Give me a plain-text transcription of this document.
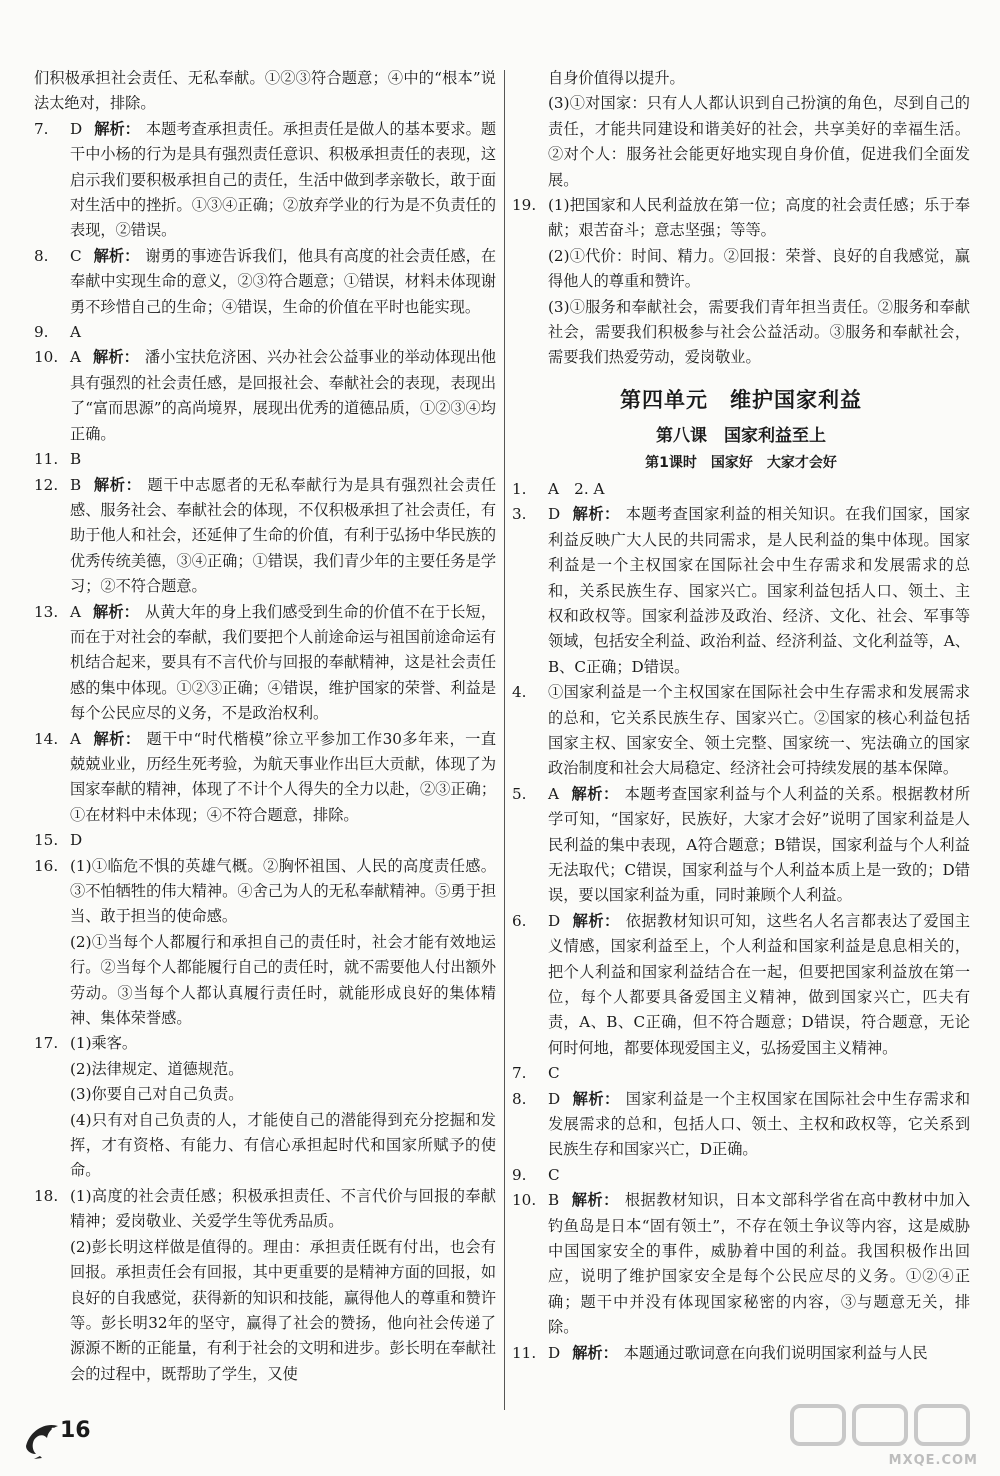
们积极承担社会责任、无私奉献。①②③符合题意；④中的“根本”说法太绝对，排除。

7. D 解析： 本题考查承担责任。承担责任是做人的基本要求。题干中小杨的行为是具有强烈责任意识、积极承担责任的表现，这启示我们要积极承担自己的责任，生活中做到孝亲敬长，敢于面对生活中的挫折。①③④正确；②放弃学业的行为是不负责任的表现，②错误。

8. C 解析： 谢勇的事迹告诉我们，他具有高度的社会责任感，在奉献中实现生命的意义，②③符合题意；①错误，材料未体现谢勇不珍惜自己的生命；④错误，生命的价值在平时也能实现。

9. A

10. A 解析： 潘小宝扶危济困、兴办社会公益事业的举动体现出他具有强烈的社会责任感，是回报社会、奉献社会的表现，表现出了“富而思源”的高尚境界，展现出优秀的道德品质，①②③④均正确。

11. B

12. B 解析： 题干中志愿者的无私奉献行为是具有强烈社会责任感、服务社会、奉献社会的体现，不仅积极承担了社会责任，有助于他人和社会，还延伸了生命的价值，有利于弘扬中华民族的优秀传统美德，③④正确；①错误，我们青少年的主要任务是学习；②不符合题意。

13. A 解析： 从黄大年的身上我们感受到生命的价值不在于长短，而在于对社会的奉献，我们要把个人前途命运与祖国前途命运有机结合起来，要具有不言代价与回报的奉献精神，这是社会责任感的集中体现。①②③正确；④错误，维护国家的荣誉、利益是每个公民应尽的义务，不是政治权利。

14. A 解析： 题干中“时代楷模”徐立平参加工作30多年来，一直兢兢业业，历经生死考验，为航天事业作出巨大贡献，体现了为国家奉献的精神，体现了不计个人得失的全力以赴，②③正确；①在材料中未体现；④不符合题意，排除。

15. D

16. (1)①临危不惧的英雄气概。②胸怀祖国、人民的高度责任感。③不怕牺牲的伟大精神。④舍己为人的无私奉献精神。⑤勇于担当、敢于担当的使命感。

(2)①当每个人都履行和承担自己的责任时，社会才能有效地运行。②当每个人都能履行自己的责任时，就不需要他人付出额外劳动。③当每个人都认真履行责任时，就能形成良好的集体精神、集体荣誉感。

17. (1)乘客。

(2)法律规定、道德规范。

(3)你要自己对自己负责。

(4)只有对自己负责的人，才能使自己的潜能得到充分挖掘和发挥，才有资格、有能力、有信心承担起时代和国家所赋予的使命。

18. (1)高度的社会责任感；积极承担责任、不言代价与回报的奉献精神；爱岗敬业、关爱学生等优秀品质。

(2)彭长明这样做是值得的。理由：承担责任既有付出，也会有回报。承担责任会有回报，其中更重要的是精神方面的回报，如良好的自我感觉，获得新的知识和技能，赢得他人的尊重和赞许等。彭长明32年的坚守，赢得了社会的赞扬，他向社会传递了源源不断的正能量，有利于社会的文明和进步。彭长明在奉献社会的过程中，既帮助了学生，又使

自身价值得以提升。

(3)①对国家：只有人人都认识到自己扮演的角色，尽到自己的责任，才能共同建设和谐美好的社会，共享美好的幸福生活。②对个人：服务社会能更好地实现自身价值，促进我们全面发展。

19. (1)把国家和人民利益放在第一位；高度的社会责任感；乐于奉献；艰苦奋斗；意志坚强；等等。

(2)①代价：时间、精力。②回报：荣誉、良好的自我感觉，赢得他人的尊重和赞许。

(3)①服务和奉献社会，需要我们青年担当责任。②服务和奉献社会，需要我们积极参与社会公益活动。③服务和奉献社会，需要我们热爱劳动，爱岗敬业。

第四单元　维护国家利益
第八课　国家利益至上
第1课时　国家好　大家才会好

1. A　 2. A

3. D 解析： 本题考查国家利益的相关知识。在我们国家，国家利益反映广大人民的共同需求，是人民利益的集中体现。国家利益是一个主权国家在国际社会中生存需求和发展需求的总和，关系民族生存、国家兴亡。国家利益包括人口、领土、主权和政权等。国家利益涉及政治、经济、文化、社会、军事等领域，包括安全利益、政治利益、经济利益、文化利益等，A、B、C正确；D错误。

4. ①国家利益是一个主权国家在国际社会中生存需求和发展需求的总和，它关系民族生存、国家兴亡。②国家的核心利益包括国家主权、国家安全、领土完整、国家统一、宪法确立的国家政治制度和社会大局稳定、经济社会可持续发展的基本保障。

5. A 解析： 本题考查国家利益与个人利益的关系。根据教材所学可知，“国家好，民族好，大家才会好”说明了国家利益是人民利益的集中表现，A符合题意；B错误，国家利益与个人利益无法取代；C错误，国家利益与个人利益本质上是一致的；D错误，要以国家利益为重，同时兼顾个人利益。

6. D 解析： 依据教材知识可知，这些名人名言都表达了爱国主义情感，国家利益至上，个人利益和国家利益是息息相关的，把个人利益和国家利益结合在一起，但要把国家利益放在第一位，每个人都要具备爱国主义精神，做到国家兴亡，匹夫有责，A、B、C正确，但不符合题意；D错误，符合题意，无论何时何地，都要体现爱国主义，弘扬爱国主义精神。

7. C

8. D 解析： 国家利益是一个主权国家在国际社会中生存需求和发展需求的总和，包括人口、领土、主权和政权等，它关系到民族生存和国家兴亡，D正确。

9. C

10. B 解析： 根据教材知识，日本文部科学省在高中教材中加入钓鱼岛是日本“固有领土”，不存在领土争议等内容，这是威胁中国国家安全的事件，威胁着中国的利益。我国积极作出回应，说明了维护国家安全是每个公民应尽的义务。①②④正确；题干中并没有体现国家秘密的内容，③与题意无关，排除。

11. D 解析： 本题通过歌词意在向我们说明国家利益与人民

16
MXQE.COM
